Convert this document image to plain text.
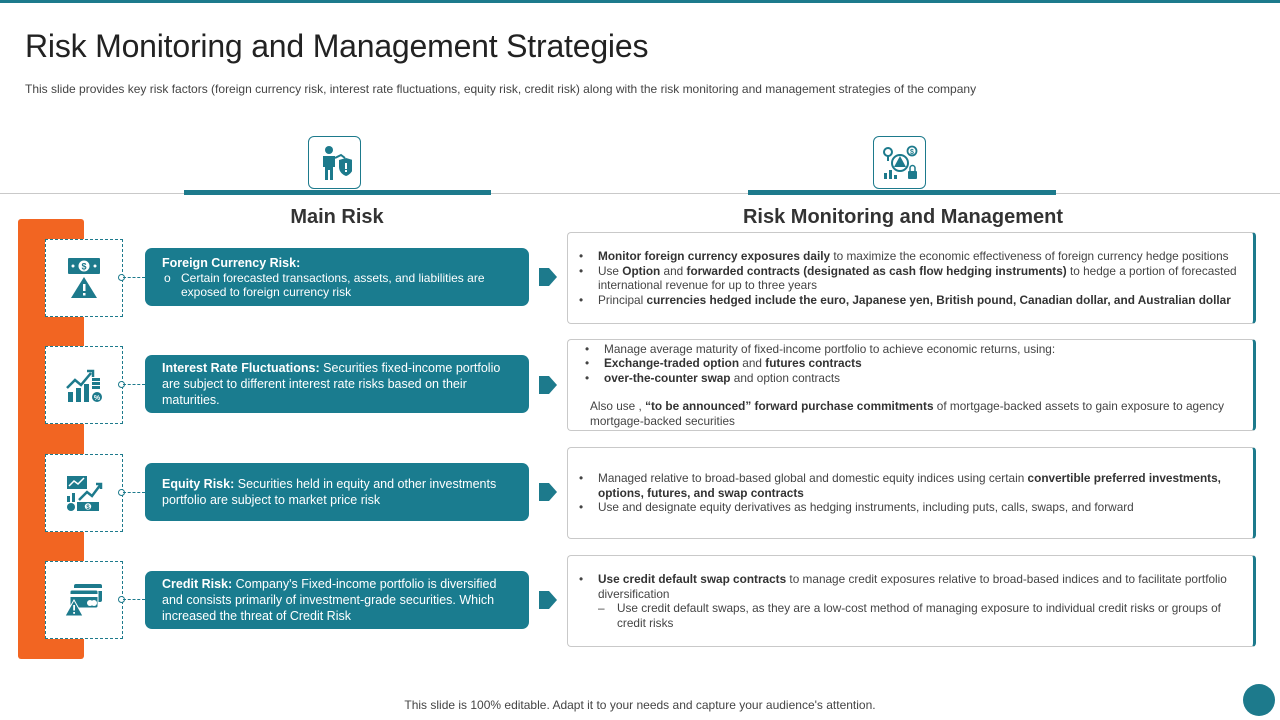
Risk Monitoring and Management Strategies

This slide provides key risk factors (foreign currency risk, interest rate fluctuations, equity risk, credit risk) along with the risk monitoring and management strategies of the company

$
Main Risk	Risk Monitoring and Management
$	Foreign Currency Risk:
o Certain forecasted transactions, assets, and liabilities are exposed to foreign currency risk
• Monitor foreign currency exposures daily to maximize the economic effectiveness of foreign currency hedge positions
• Use Option and forwarded contracts (designated as cash flow hedging instruments) to hedge a portion of forecasted international revenue for up to three years
• Principal currencies hedged include the euro, Japanese yen, British pound, Canadian dollar, and Australian dollar
%
Interest Rate Fluctuations: Securities fixed-income portfolio are subject to different interest rate risks based on their maturities.
• Manage average maturity of fixed-income portfolio to achieve economic returns, using:
• Exchange-traded option and futures contracts
• over-the-counter swap and option contracts
Also use , “to be announced” forward purchase commitments of mortgage-backed assets to gain exposure to agency mortgage-backed securities
$
Equity Risk: Securities held in equity and other investments portfolio are subject to market price risk
• Managed relative to broad-based global and domestic equity indices using certain convertible preferred investments, options, futures, and swap contracts
• Use and designate equity derivatives as hedging instruments, including puts, calls, swaps, and forward
Credit Risk: Company's Fixed-income portfolio is diversified and consists primarily of investment-grade securities. Which increased the threat of Credit Risk
• Use credit default swap contracts to manage credit exposures relative to broad-based indices and to facilitate portfolio diversification
– Use credit default swaps, as they are a low-cost method of managing exposure to individual credit risks or groups of credit risks
This slide is 100% editable. Adapt it to your needs and capture your audience's attention.
